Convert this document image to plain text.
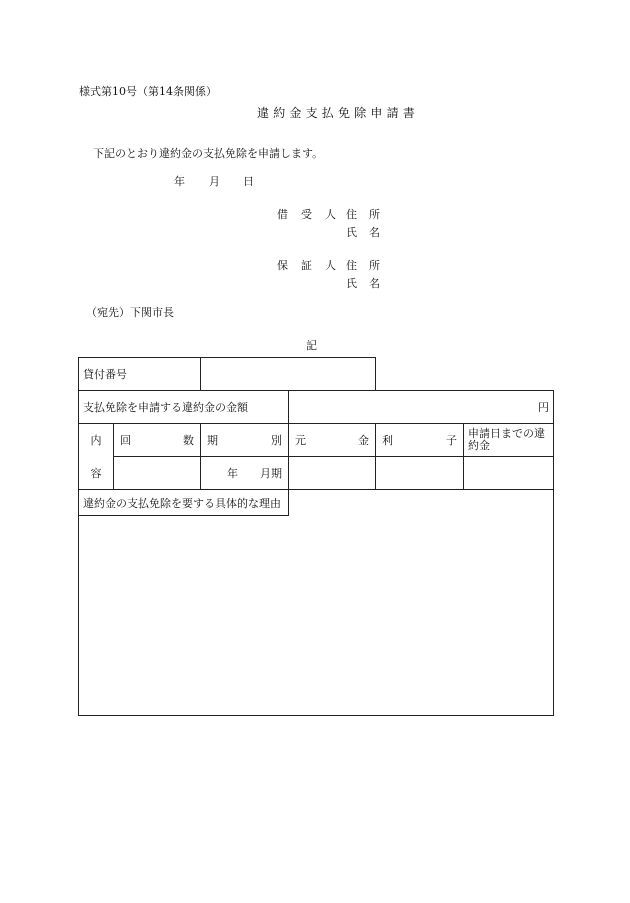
様式第10号（第14条関係）
違約金支払免除申請書
下記のとおり違約金の支払免除を申請します。
年 月 日
借 受 人 住 所
氏 名
保 証 人 住 所
氏 名
（宛先）下関市長
記
貸付番号					
支払免除を申請する違約金の金額			円		
内	回 数	期 別	元 金	利 子	申請日までの違約金
容		年 月期			

違約金の支払免除を要する具体的な理由					
